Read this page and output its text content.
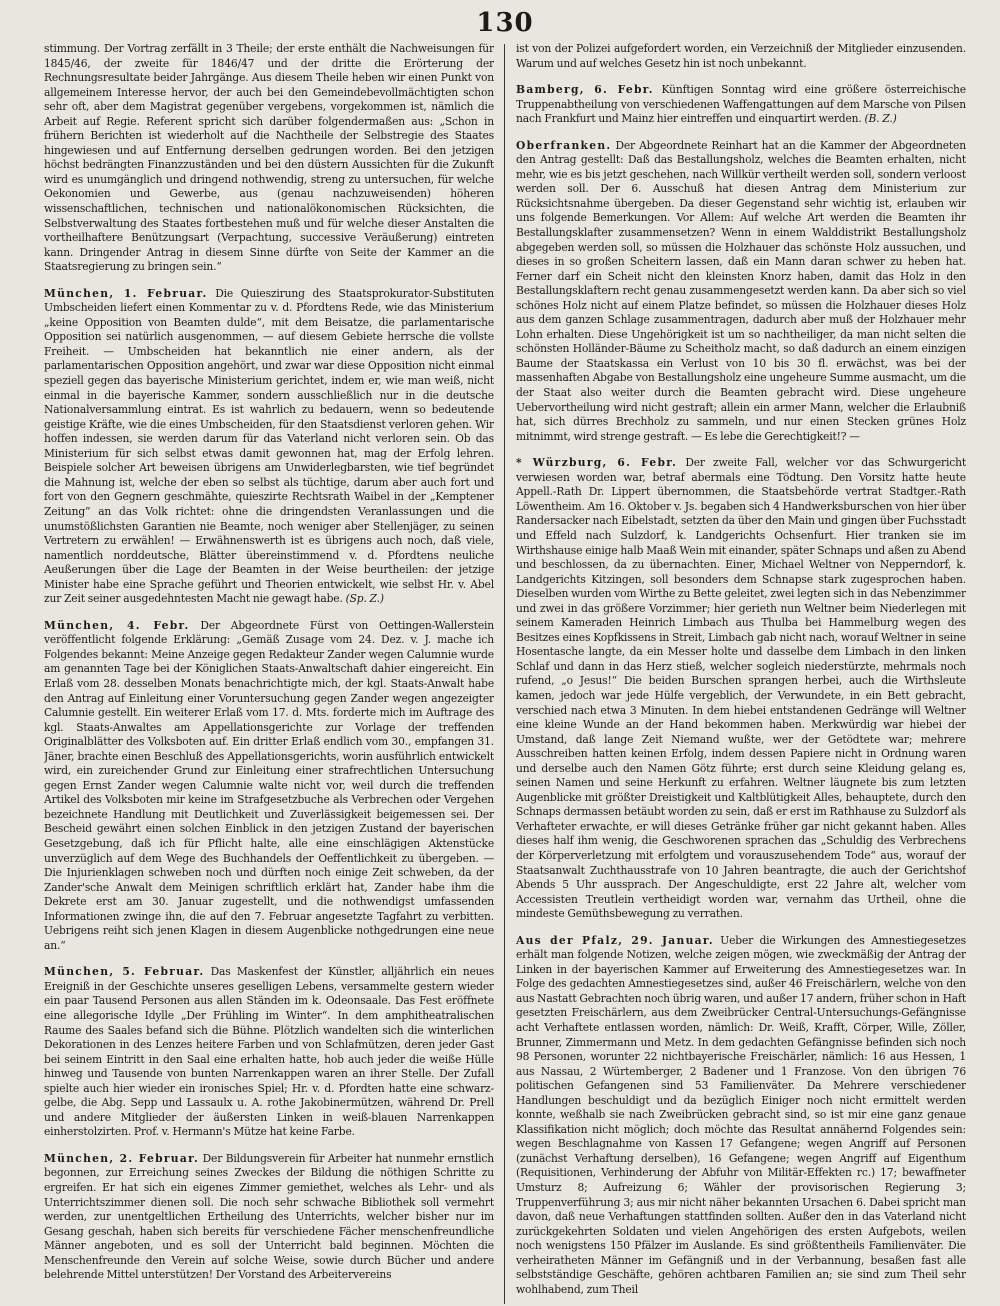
130

stimmung. Der Vortrag zerfällt in 3 Theile; der erste enthält die Nachweisungen für 1845/46, der zweite für 1846/47 und der dritte die Erörterung der Rechnungsresultate beider Jahrgänge. Aus diesem Theile heben wir einen Punkt von allgemeinem Interesse hervor, der auch bei den Gemeindebevollmächtigten schon sehr oft, aber dem Magistrat gegenüber vergebens, vorgekommen ist, nämlich die Arbeit auf Regie. Referent spricht sich darüber folgendermaßen aus: „Schon in frühern Berichten ist wiederholt auf die Nachtheile der Selbstregie des Staates hingewiesen und auf Entfernung derselben gedrungen worden. Bei den jetzigen höchst bedrängten Finanzzuständen und bei den düstern Aussichten für die Zukunft wird es unumgänglich und dringend nothwendig, streng zu untersuchen, für welche Oekonomien und Gewerbe, aus (genau nachzuweisenden) höheren wissenschaftlichen, technischen und nationalökonomischen Rücksichten, die Selbstverwaltung des Staates fortbestehen muß und für welche dieser Anstalten die vortheilhaftere Benützungsart (Verpachtung, successive Veräußerung) eintreten kann. Dringender Antrag in diesem Sinne dürfte von Seite der Kammer an die Staatsregierung zu bringen sein.“

München, 1. Februar. Die Quieszirung des Staatsprokurator-Substituten Umbscheiden liefert einen Kommentar zu v. d. Pfordtens Rede, wie das Ministerium „keine Opposition von Beamten dulde“, mit dem Beisatze, die parlamentarische Opposition sei natürlich ausgenommen, — auf diesem Gebiete herrsche die vollste Freiheit. — Umbscheiden hat bekanntlich nie einer andern, als der parlamentarischen Opposition angehört, und zwar war diese Opposition nicht einmal speziell gegen das bayerische Ministerium gerichtet, indem er, wie man weiß, nicht einmal in die bayerische Kammer, sondern ausschließlich nur in die deutsche Nationalversammlung eintrat. Es ist wahrlich zu bedauern, wenn so bedeutende geistige Kräfte, wie die eines Umbscheiden, für den Staatsdienst verloren gehen. Wir hoffen indessen, sie werden darum für das Vaterland nicht verloren sein. Ob das Ministerium für sich selbst etwas damit gewonnen hat, mag der Erfolg lehren. Beispiele solcher Art beweisen übrigens am Unwiderlegbarsten, wie tief begründet die Mahnung ist, welche der eben so selbst als tüchtige, darum aber auch fort und fort von den Gegnern geschmähte, quieszirte Rechtsrath Waibel in der „Kemptener Zeitung“ an das Volk richtet: ohne die dringendsten Veranlassungen und die unumstößlichsten Garantien nie Beamte, noch weniger aber Stellenjäger, zu seinen Vertretern zu erwählen! — Erwähnenswerth ist es übrigens auch noch, daß viele, namentlich norddeutsche, Blätter übereinstimmend v. d. Pfordtens neuliche Aeußerungen über die Lage der Beamten in der Weise beurtheilen: der jetzige Minister habe eine Sprache geführt und Theorien entwickelt, wie selbst Hr. v. Abel zur Zeit seiner ausgedehntesten Macht nie gewagt habe. (Sp. Z.)

München, 4. Febr. Der Abgeordnete Fürst von Oettingen-Wallerstein veröffentlicht folgende Erklärung: „Gemäß Zusage vom 24. Dez. v. J. mache ich Folgendes bekannt: Meine Anzeige gegen Redakteur Zander wegen Calumnie wurde am genannten Tage bei der Königlichen Staats-Anwaltschaft dahier eingereicht. Ein Erlaß vom 28. desselben Monats benachrichtigte mich, der kgl. Staats-Anwalt habe den Antrag auf Einleitung einer Voruntersuchung gegen Zander wegen angezeigter Calumnie gestellt. Ein weiterer Erlaß vom 17. d. Mts. forderte mich im Auftrage des kgl. Staats-Anwaltes am Appellationsgerichte zur Vorlage der treffenden Originalblätter des Volksboten auf. Ein dritter Erlaß endlich vom 30., empfangen 31. Jäner, brachte einen Beschluß des Appellationsgerichts, worin ausführlich entwickelt wird, ein zureichender Grund zur Einleitung einer strafrechtlichen Untersuchung gegen Ernst Zander wegen Calumnie walte nicht vor, weil durch die treffenden Artikel des Volksboten mir keine im Strafgesetzbuche als Verbrechen oder Vergehen bezeichnete Handlung mit Deutlichkeit und Zuverlässigkeit beigemessen sei. Der Bescheid gewährt einen solchen Einblick in den jetzigen Zustand der bayerischen Gesetzgebung, daß ich für Pflicht halte, alle eine einschlägigen Aktenstücke unverzüglich auf dem Wege des Buchhandels der Oeffentlichkeit zu übergeben. — Die Injurienklagen schweben noch und dürften noch einige Zeit schweben, da der Zander'sche Anwalt dem Meinigen schriftlich erklärt hat, Zander habe ihm die Dekrete erst am 30. Januar zugestellt, und die nothwendigst umfassenden Informationen zwinge ihn, die auf den 7. Februar angesetzte Tagfahrt zu verbitten. Uebrigens reiht sich jenen Klagen in diesem Augenblicke nothgedrungen eine neue an.“

München, 5. Februar. Das Maskenfest der Künstler, alljährlich ein neues Ereigniß in der Geschichte unseres geselligen Lebens, versammelte gestern wieder ein paar Tausend Personen aus allen Ständen im k. Odeonsaale. Das Fest eröffnete eine allegorische Idylle „Der Frühling im Winter“. In dem amphitheatralischen Raume des Saales befand sich die Bühne. Plötzlich wandelten sich die winterlichen Dekorationen in des Lenzes heitere Farben und von Schlafmützen, deren jeder Gast bei seinem Eintritt in den Saal eine erhalten hatte, hob auch jeder die weiße Hülle hinweg und Tausende von bunten Narrenkappen waren an ihrer Stelle. Der Zufall spielte auch hier wieder ein ironisches Spiel; Hr. v. d. Pfordten hatte eine schwarz-gelbe, die Abg. Sepp und Lassaulx u. A. rothe Jakobinermützen, während Dr. Prell und andere Mitglieder der äußersten Linken in weiß-blauen Narrenkappen einherstolzirten. Prof. v. Hermann's Mütze hat keine Farbe.

München, 2. Februar. Der Bildungsverein für Arbeiter hat nunmehr ernstlich begonnen, zur Erreichung seines Zweckes der Bildung die nöthigen Schritte zu ergreifen. Er hat sich ein eigenes Zimmer gemiethet, welches als Lehr- und als Unterrichtszimmer dienen soll. Die noch sehr schwache Bibliothek soll vermehrt werden, zur unentgeltlichen Ertheilung des Unterrichts, welcher bisher nur im Gesang geschah, haben sich bereits für verschiedene Fächer menschenfreundliche Männer angeboten, und es soll der Unterricht bald beginnen. Möchten die Menschenfreunde den Verein auf solche Weise, sowie durch Bücher und andere belehrende Mittel unterstützen! Der Vorstand des Arbeitervereins

ist von der Polizei aufgefordert worden, ein Verzeichniß der Mitglieder einzusenden. Warum und auf welches Gesetz hin ist noch unbekannt.

Bamberg, 6. Febr. Künftigen Sonntag wird eine größere österreichische Truppenabtheilung von verschiedenen Waffengattungen auf dem Marsche von Pilsen nach Frankfurt und Mainz hier eintreffen und einquartirt werden. (B. Z.)

Oberfranken. Der Abgeordnete Reinhart hat an die Kammer der Abgeordneten den Antrag gestellt: Daß das Bestallungsholz, welches die Beamten erhalten, nicht mehr, wie es bis jetzt geschehen, nach Willkür vertheilt werden soll, sondern verloost werden soll. Der 6. Ausschuß hat diesen Antrag dem Ministerium zur Rücksichtsnahme übergeben. Da dieser Gegenstand sehr wichtig ist, erlauben wir uns folgende Bemerkungen. Vor Allem: Auf welche Art werden die Beamten ihr Bestallungsklafter zusammensetzen? Wenn in einem Walddistrikt Bestallungsholz abgegeben werden soll, so müssen die Holzhauer das schönste Holz aussuchen, und dieses in so großen Scheitern lassen, daß ein Mann daran schwer zu heben hat. Ferner darf ein Scheit nicht den kleinsten Knorz haben, damit das Holz in den Bestallungsklaftern recht genau zusammengesetzt werden kann. Da aber sich so viel schönes Holz nicht auf einem Platze befindet, so müssen die Holzhauer dieses Holz aus dem ganzen Schlage zusammentragen, dadurch aber muß der Holzhauer mehr Lohn erhalten. Diese Ungehörigkeit ist um so nachtheiliger, da man nicht selten die schönsten Holländer-Bäume zu Scheitholz macht, so daß dadurch an einem einzigen Baume der Staatskassa ein Verlust von 10 bis 30 fl. erwächst, was bei der massenhaften Abgabe von Bestallungsholz eine ungeheure Summe ausmacht, um die der Staat also weiter durch die Beamten gebracht wird. Diese ungeheure Uebervortheilung wird nicht gestraft; allein ein armer Mann, welcher die Erlaubniß hat, sich dürres Brechholz zu sammeln, und nur einen Stecken grünes Holz mitnimmt, wird strenge gestraft. — Es lebe die Gerechtigkeit!? —

* Würzburg, 6. Febr. Der zweite Fall, welcher vor das Schwurgericht verwiesen worden war, betraf abermals eine Tödtung. Den Vorsitz hatte heute Appell.-Rath Dr. Lippert übernommen, die Staatsbehörde vertrat Stadtger.-Rath Löwentheim. Am 16. Oktober v. Js. begaben sich 4 Handwerksburschen von hier über Randersacker nach Eibelstadt, setzten da über den Main und gingen über Fuchsstadt und Effeld nach Sulzdorf, k. Landgerichts Ochsenfurt. Hier tranken sie im Wirthshause einige halb Maaß Wein mit einander, später Schnaps und aßen zu Abend und beschlossen, da zu übernachten. Einer, Michael Weltner von Nepperndorf, k. Landgerichts Kitzingen, soll besonders dem Schnapse stark zugesprochen haben. Dieselben wurden vom Wirthe zu Bette geleitet, zwei legten sich in das Nebenzimmer und zwei in das größere Vorzimmer; hier gerieth nun Weltner beim Niederlegen mit seinem Kameraden Heinrich Limbach aus Thulba bei Hammelburg wegen des Besitzes eines Kopfkissens in Streit, Limbach gab nicht nach, worauf Weltner in seine Hosentasche langte, da ein Messer holte und dasselbe dem Limbach in den linken Schlaf und dann in das Herz stieß, welcher sogleich niederstürzte, mehrmals noch rufend, „o Jesus!“ Die beiden Burschen sprangen herbei, auch die Wirthsleute kamen, jedoch war jede Hülfe vergeblich, der Verwundete, in ein Bett gebracht, verschied nach etwa 3 Minuten. In dem hiebei entstandenen Gedränge will Weltner eine kleine Wunde an der Hand bekommen haben. Merkwürdig war hiebei der Umstand, daß lange Zeit Niemand wußte, wer der Getödtete war; mehrere Ausschreiben hatten keinen Erfolg, indem dessen Papiere nicht in Ordnung waren und derselbe auch den Namen Götz führte; erst durch seine Kleidung gelang es, seinen Namen und seine Herkunft zu erfahren. Weltner läugnete bis zum letzten Augenblicke mit größter Dreistigkeit und Kaltblütigkeit Alles, behauptete, durch den Schnaps dermassen betäubt worden zu sein, daß er erst im Rathhause zu Sulzdorf als Verhafteter erwachte, er will dieses Getränke früher gar nicht gekannt haben. Alles dieses half ihm wenig, die Geschworenen sprachen das „Schuldig des Verbrechens der Körperverletzung mit erfolgtem und vorauszusehendem Tode“ aus, worauf der Staatsanwalt Zuchthausstrafe von 10 Jahren beantragte, die auch der Gerichtshof Abends 5 Uhr aussprach. Der Angeschuldigte, erst 22 Jahre alt, welcher vom Accessisten Treutlein vertheidigt worden war, vernahm das Urtheil, ohne die mindeste Gemüthsbewegung zu verrathen.

Aus der Pfalz, 29. Januar. Ueber die Wirkungen des Amnestiegesetzes erhält man folgende Notizen, welche zeigen mögen, wie zweckmäßig der Antrag der Linken in der bayerischen Kammer auf Erweiterung des Amnestiegesetzes war. In Folge des gedachten Amnestiegesetzes sind, außer 46 Freischärlern, welche von den aus Nastatt Gebrachten noch übrig waren, und außer 17 andern, früher schon in Haft gesetzten Freischärlern, aus dem Zweibrücker Central-Untersuchungs-Gefängnisse acht Verhaftete entlassen worden, nämlich: Dr. Weiß, Krafft, Cörper, Wille, Zöller, Brunner, Zimmermann und Metz. In dem gedachten Gefängnisse befinden sich noch 98 Personen, worunter 22 nichtbayerische Freischärler, nämlich: 16 aus Hessen, 1 aus Nassau, 2 Würtemberger, 2 Badener und 1 Franzose. Von den übrigen 76 politischen Gefangenen sind 53 Familienväter. Da Mehrere verschiedener Handlungen beschuldigt und da bezüglich Einiger noch nicht ermittelt werden konnte, weßhalb sie nach Zweibrücken gebracht sind, so ist mir eine ganz genaue Klassifikation nicht möglich; doch möchte das Resultat annähernd Folgendes sein: wegen Beschlagnahme von Kassen 17 Gefangene; wegen Angriff auf Personen (zunächst Verhaftung derselben), 16 Gefangene; wegen Angriff auf Eigenthum (Requisitionen, Verhinderung der Abfuhr von Militär-Effekten rc.) 17; bewaffneter Umsturz 8; Aufreizung 6; Wähler der provisorischen Regierung 3; Truppenverführung 3; aus mir nicht näher bekannten Ursachen 6. Dabei spricht man davon, daß neue Verhaftungen stattfinden sollten. Außer den in das Vaterland nicht zurückgekehrten Soldaten und vielen Angehörigen des ersten Aufgebots, weilen noch wenigstens 150 Pfälzer im Auslande. Es sind größtentheils Familienväter. Die verheiratheten Männer im Gefängniß und in der Verbannung, besaßen fast alle selbstständige Geschäfte, gehören achtbaren Familien an; sie sind zum Theil sehr wohlhabend, zum Theil
